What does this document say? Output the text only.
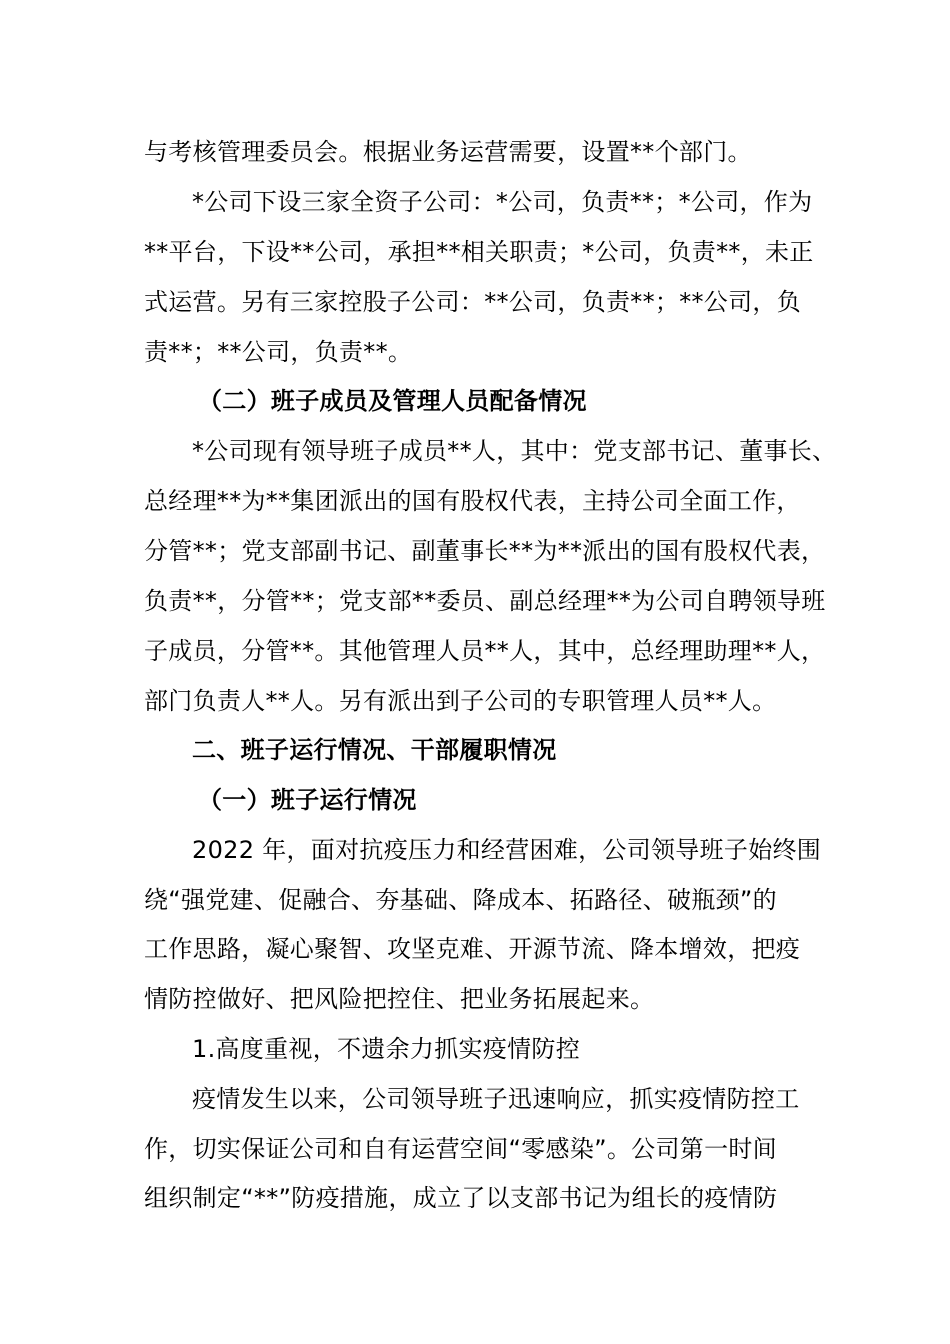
与考核管理委员会。根据业务运营需要，设置**个部门。
*公司下设三家全资子公司：*公司，负责**；*公司，作为
**平台，下设**公司，承担**相关职责；*公司，负责**，未正
式运营。另有三家控股子公司：**公司，负责**；**公司，负
责**；**公司，负责**。
（二）班子成员及管理人员配备情况
*公司现有领导班子成员**人，其中：党支部书记、董事长、
总经理**为**集团派出的国有股权代表，主持公司全面工作，
分管**；党支部副书记、副董事长**为**派出的国有股权代表，
负责**，分管**；党支部**委员、副总经理**为公司自聘领导班
子成员，分管**。其他管理人员**人，其中，总经理助理**人，
部门负责人**人。另有派出到子公司的专职管理人员**人。
二、班子运行情况、干部履职情况
（一）班子运行情况
2022 年，面对抗疫压力和经营困难，公司领导班子始终围
绕“强党建、促融合、夯基础、降成本、拓路径、破瓶颈”的
工作思路，凝心聚智、攻坚克难、开源节流、降本增效，把疫
情防控做好、把风险把控住、把业务拓展起来。
1.高度重视，不遗余力抓实疫情防控
疫情发生以来，公司领导班子迅速响应，抓实疫情防控工
作，切实保证公司和自有运营空间“零感染”。公司第一时间
组织制定“**”防疫措施，成立了以支部书记为组长的疫情防
